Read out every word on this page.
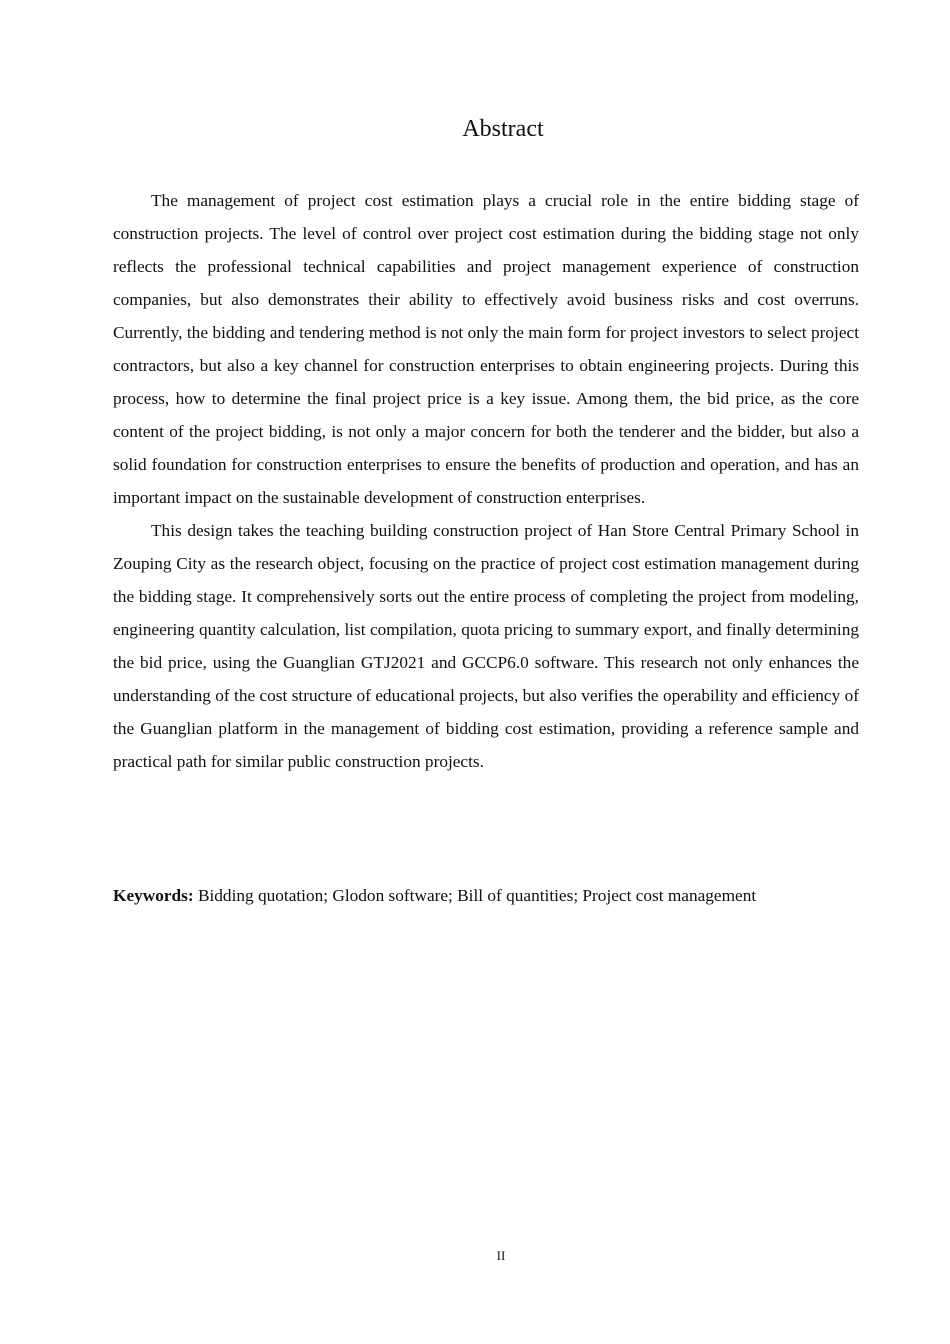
Abstract

The management of project cost estimation plays a crucial role in the entire bidding stage of construction projects. The level of control over project cost estimation during the bidding stage not only reflects the professional technical capabilities and project management experience of construction companies, but also demonstrates their ability to effectively avoid business risks and cost overruns. Currently, the bidding and tendering method is not only the main form for project investors to select project contractors, but also a key channel for construction enterprises to obtain engineering projects. During this process, how to determine the final project price is a key issue. Among them, the bid price, as the core content of the project bidding, is not only a major concern for both the tenderer and the bidder, but also a solid foundation for construction enterprises to ensure the benefits of production and operation, and has an important impact on the sustainable development of construction enterprises.

This design takes the teaching building construction project of Han Store Central Primary School in Zouping City as the research object, focusing on the practice of project cost estimation management during the bidding stage. It comprehensively sorts out the entire process of completing the project from modeling, engineering quantity calculation, list compilation, quota pricing to summary export, and finally determining the bid price, using the Guanglian GTJ2021 and GCCP6.0 software. This research not only enhances the understanding of the cost structure of educational projects, but also verifies the operability and efficiency of the Guanglian platform in the management of bidding cost estimation, providing a reference sample and practical path for similar public construction projects.

Keywords: Bidding quotation; Glodon software; Bill of quantities; Project cost management

II
